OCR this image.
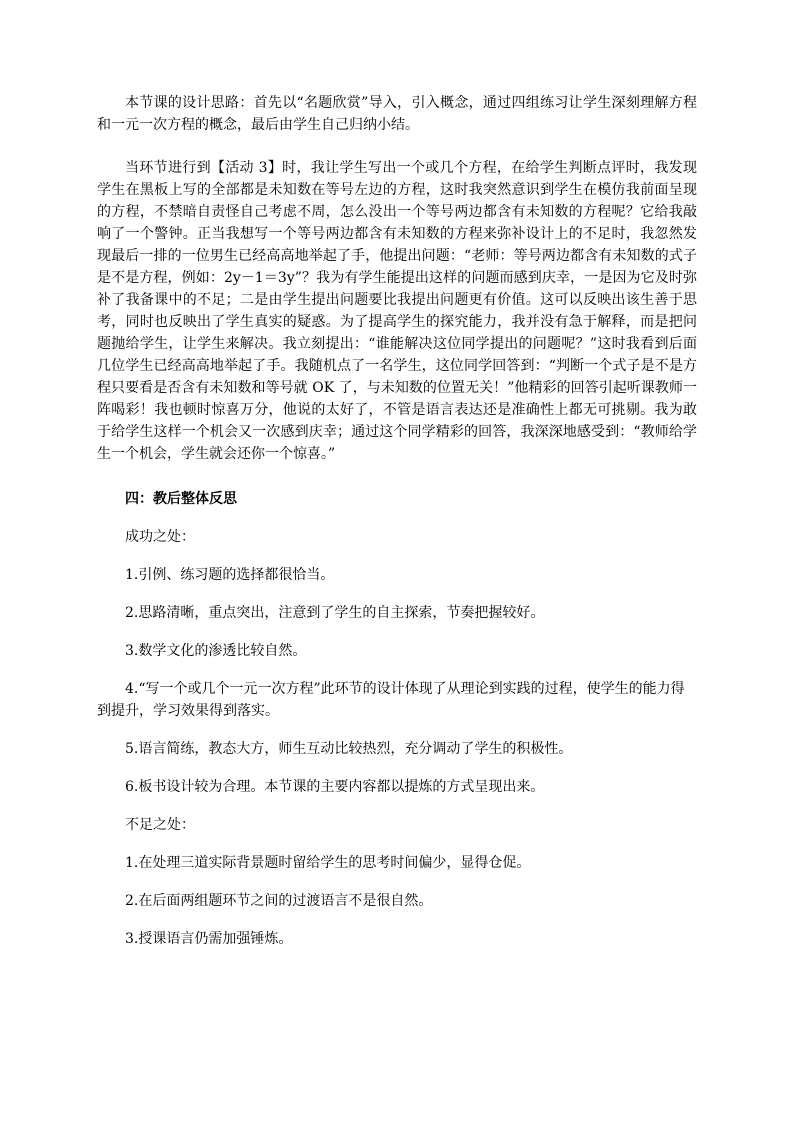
本节课的设计思路：首先以“名题欣赏”导入，引入概念，通过四组练习让学生深刻理解方程和一元一次方程的概念，最后由学生自己归纳小结。

当环节进行到【活动 3】时，我让学生写出一个或几个方程，在给学生判断点评时，我发现学生在黑板上写的全部都是未知数在等号左边的方程，这时我突然意识到学生在模仿我前面呈现的方程，不禁暗自责怪自己考虑不周，怎么没出一个等号两边都含有未知数的方程呢？它给我敲响了一个警钟。正当我想写一个等号两边都含有未知数的方程来弥补设计上的不足时，我忽然发现最后一排的一位男生已经高高地举起了手，他提出问题：“老师：等号两边都含有未知数的式子是不是方程，例如：2y－1＝3y”？我为有学生能提出这样的问题而感到庆幸，一是因为它及时弥补了我备课中的不足；二是由学生提出问题要比我提出问题更有价值。这可以反映出该生善于思考，同时也反映出了学生真实的疑惑。为了提高学生的探究能力，我并没有急于解释，而是把问题抛给学生，让学生来解决。我立刻提出：“谁能解决这位同学提出的问题呢？”这时我看到后面几位学生已经高高地举起了手。我随机点了一名学生，这位同学回答到：“判断一个式子是不是方程只要看是否含有未知数和等号就 OK 了，与未知数的位置无关！”他精彩的回答引起听课教师一阵喝彩！我也顿时惊喜万分，他说的太好了，不管是语言表达还是准确性上都无可挑剔。我为敢于给学生这样一个机会又一次感到庆幸；通过这个同学精彩的回答，我深深地感受到：“教师给学生一个机会，学生就会还你一个惊喜。”

四：教后整体反思

成功之处：

1.引例、练习题的选择都很恰当。

2.思路清晰，重点突出，注意到了学生的自主探索，节奏把握较好。

3.数学文化的渗透比较自然。

4.“写一个或几个一元一次方程”此环节的设计体现了从理论到实践的过程，使学生的能力得到提升，学习效果得到落实。

5.语言简练，教态大方，师生互动比较热烈，充分调动了学生的积极性。

6.板书设计较为合理。本节课的主要内容都以提炼的方式呈现出来。

不足之处：

1.在处理三道实际背景题时留给学生的思考时间偏少，显得仓促。

2.在后面两组题环节之间的过渡语言不是很自然。

3.授课语言仍需加强锤炼。
